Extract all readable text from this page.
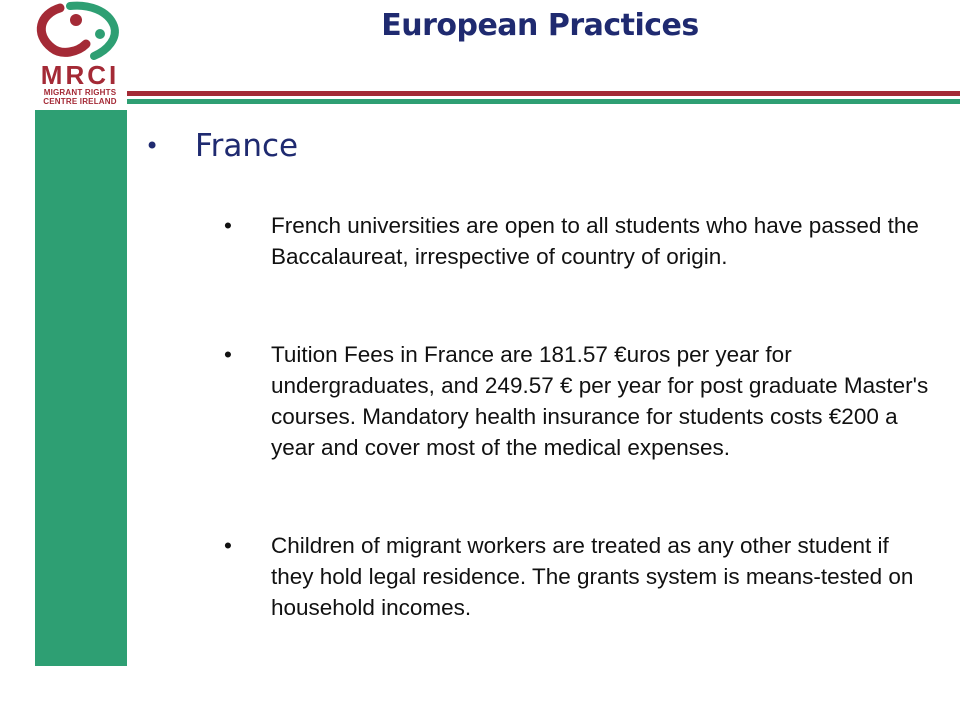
MRCI
MIGRANT RIGHTS
CENTRE IRELAND
European Practices
• France
• French universities are open to all students who have passed the Baccalaureat, irrespective of country of origin.
• Tuition Fees in France are 181.57 €uros per year for undergraduates, and 249.57 € per year for post graduate Master's courses. Mandatory health insurance for students costs €200 a year and cover most of the medical expenses.
• Children of migrant workers are treated as any other student if they hold legal residence. The grants system is means-tested on household incomes.
